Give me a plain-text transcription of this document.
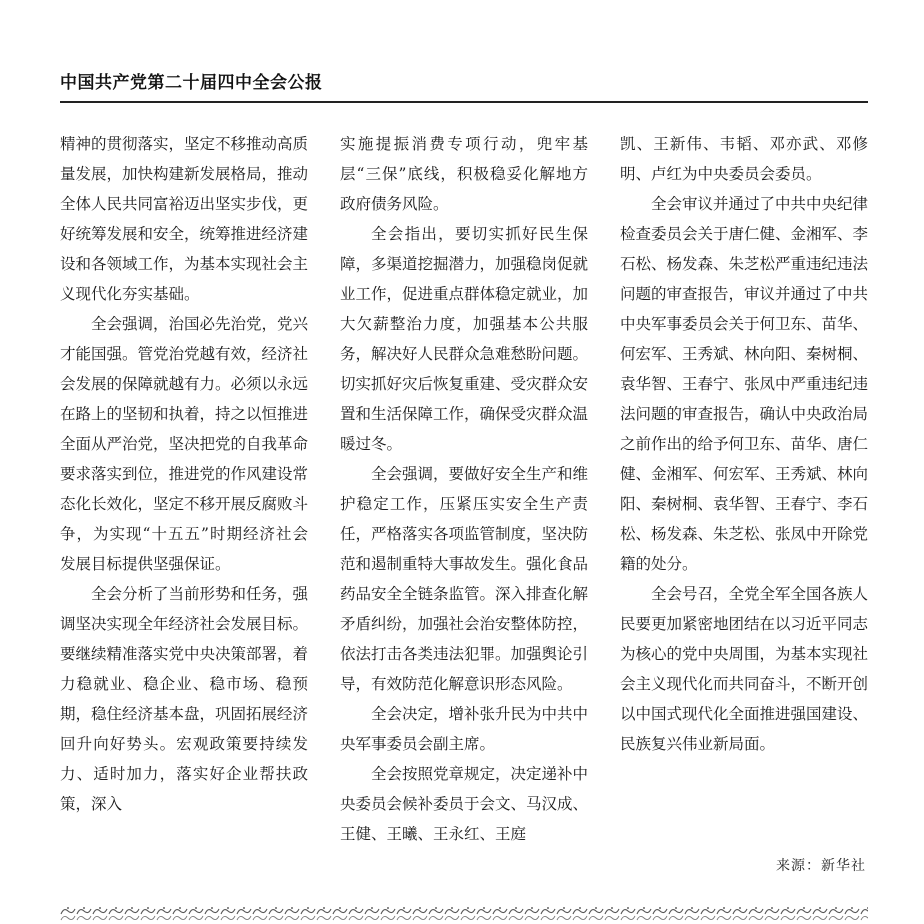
中国共产党第二十届四中全会公报

精神的贯彻落实，坚定不移推动高质量发展，加快构建新发展格局，推动全体人民共同富裕迈出坚实步伐，更好统筹发展和安全，统筹推进经济建设和各领域工作，为基本实现社会主义现代化夯实基础。

全会强调，治国必先治党，党兴才能国强。管党治党越有效，经济社会发展的保障就越有力。必须以永远在路上的坚韧和执着，持之以恒推进全面从严治党，坚决把党的自我革命要求落实到位，推进党的作风建设常态化长效化，坚定不移开展反腐败斗争，为实现“十五五”时期经济社会发展目标提供坚强保证。

全会分析了当前形势和任务，强调坚决实现全年经济社会发展目标。要继续精准落实党中央决策部署，着力稳就业、稳企业、稳市场、稳预期，稳住经济基本盘，巩固拓展经济回升向好势头。宏观政策要持续发力、适时加力，落实好企业帮扶政策，深入

实施提振消费专项行动，兜牢基层“三保”底线，积极稳妥化解地方政府债务风险。

全会指出，要切实抓好民生保障，多渠道挖掘潜力，加强稳岗促就业工作，促进重点群体稳定就业，加大欠薪整治力度，加强基本公共服务，解决好人民群众急难愁盼问题。切实抓好灾后恢复重建、受灾群众安置和生活保障工作，确保受灾群众温暖过冬。

全会强调，要做好安全生产和维护稳定工作，压紧压实安全生产责任，严格落实各项监管制度，坚决防范和遏制重特大事故发生。强化食品药品安全全链条监管。深入排查化解矛盾纠纷，加强社会治安整体防控，依法打击各类违法犯罪。加强舆论引导，有效防范化解意识形态风险。

全会决定，增补张升民为中共中央军事委员会副主席。

全会按照党章规定，决定递补中央委员会候补委员于会文、马汉成、王健、王曦、王永红、王庭

凯、王新伟、韦韬、邓亦武、邓修明、卢红为中央委员会委员。

全会审议并通过了中共中央纪律检查委员会关于唐仁健、金湘军、李石松、杨发森、朱芝松严重违纪违法问题的审查报告，审议并通过了中共中央军事委员会关于何卫东、苗华、何宏军、王秀斌、林向阳、秦树桐、袁华智、王春宁、张凤中严重违纪违法问题的审查报告，确认中央政治局之前作出的给予何卫东、苗华、唐仁健、金湘军、何宏军、王秀斌、林向阳、秦树桐、袁华智、王春宁、李石松、杨发森、朱芝松、张凤中开除党籍的处分。

全会号召，全党全军全国各族人民要更加紧密地团结在以习近平同志为核心的党中央周围，为基本实现社会主义现代化而共同奋斗，不断开创以中国式现代化全面推进强国建设、民族复兴伟业新局面。

来源：新华社
